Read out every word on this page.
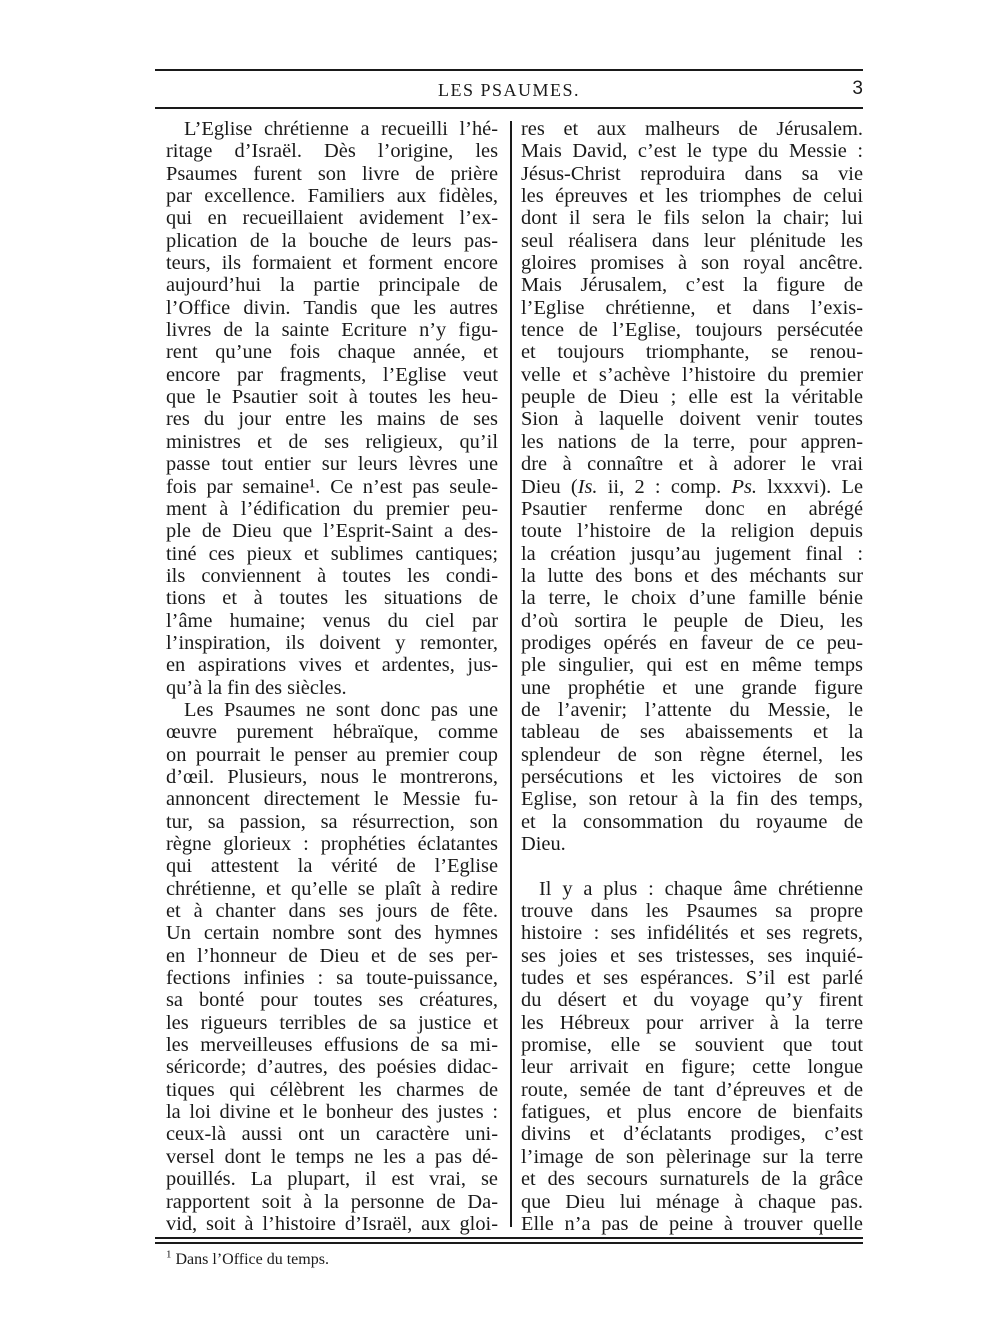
LES PSAUMES.	3
L’Eglise chrétienne a recueilli l’hé-
ritage d’Israël. Dès l’origine, les
Psaumes furent son livre de prière
par excellence. Familiers aux fidèles,
qui en recueillaient avidement l’ex-
plication de la bouche de leurs pas-
teurs, ils formaient et forment encore
aujourd’hui la partie principale de
l’Office divin. Tandis que les autres
livres de la sainte Ecriture n’y figu-
rent qu’une fois chaque année, et
encore par fragments, l’Eglise veut
que le Psautier soit à toutes les heu-
res du jour entre les mains de ses
ministres et de ses religieux, qu’il
passe tout entier sur leurs lèvres une
fois par semaine¹. Ce n’est pas seule-
ment à l’édification du premier peu-
ple de Dieu que l’Esprit-Saint a des-
tiné ces pieux et sublimes cantiques;
ils conviennent à toutes les condi-
tions et à toutes les situations de
l’âme humaine; venus du ciel par
l’inspiration, ils doivent y remonter,
en aspirations vives et ardentes, jus-
qu’à la fin des siècles.
Les Psaumes ne sont donc pas une
œuvre purement hébraïque, comme
on pourrait le penser au premier coup
d’œil. Plusieurs, nous le montrerons,
annoncent directement le Messie fu-
tur, sa passion, sa résurrection, son
règne glorieux : prophéties éclatantes
qui attestent la vérité de l’Eglise
chrétienne, et qu’elle se plaît à redire
et à chanter dans ses jours de fête.
Un certain nombre sont des hymnes
en l’honneur de Dieu et de ses per-
fections infinies : sa toute-puissance,
sa bonté pour toutes ses créatures,
les rigueurs terribles de sa justice et
les merveilleuses effusions de sa mi-
séricorde; d’autres, des poésies didac-
tiques qui célèbrent les charmes de
la loi divine et le bonheur des justes :
ceux-là aussi ont un caractère uni-
versel dont le temps ne les a pas dé-
pouillés. La plupart, il est vrai, se
rapportent soit à la personne de Da-
vid, soit à l’histoire d’Israël, aux gloi-
res et aux malheurs de Jérusalem.
Mais David, c’est le type du Messie :
Jésus-Christ reproduira dans sa vie
les épreuves et les triomphes de celui
dont il sera le fils selon la chair; lui
seul réalisera dans leur plénitude les
gloires promises à son royal ancêtre.
Mais Jérusalem, c’est la figure de
l’Eglise chrétienne, et dans l’exis-
tence de l’Eglise, toujours persécutée
et toujours triomphante, se renou-
velle et s’achève l’histoire du premier
peuple de Dieu ; elle est la véritable
Sion à laquelle doivent venir toutes
les nations de la terre, pour appren-
dre à connaître et à adorer le vrai
Dieu (Is. ii, 2 : comp. Ps. lxxxvi). Le
Psautier renferme donc en abrégé
toute l’histoire de la religion depuis
la création jusqu’au jugement final :
la lutte des bons et des méchants sur
la terre, le choix d’une famille bénie
d’où sortira le peuple de Dieu, les
prodiges opérés en faveur de ce peu-
ple singulier, qui est en même temps
une prophétie et une grande figure
de l’avenir; l’attente du Messie, le
tableau de ses abaissements et la
splendeur de son règne éternel, les
persécutions et les victoires de son
Eglise, son retour à la fin des temps,
et la consommation du royaume de
Dieu.
Il y a plus : chaque âme chrétienne
trouve dans les Psaumes sa propre
histoire : ses infidélités et ses regrets,
ses joies et ses tristesses, ses inquié-
tudes et ses espérances. S’il est parlé
du désert et du voyage qu’y firent
les Hébreux pour arriver à la terre
promise, elle se souvient que tout
leur arrivait en figure; cette longue
route, semée de tant d’épreuves et de
fatigues, et plus encore de bienfaits
divins et d’éclatants prodiges, c’est
l’image de son pèlerinage sur la terre
et des secours surnaturels de la grâce
que Dieu lui ménage à chaque pas.
Elle n’a pas de peine à trouver quelle
$^1$ Dans l’Office du temps.
